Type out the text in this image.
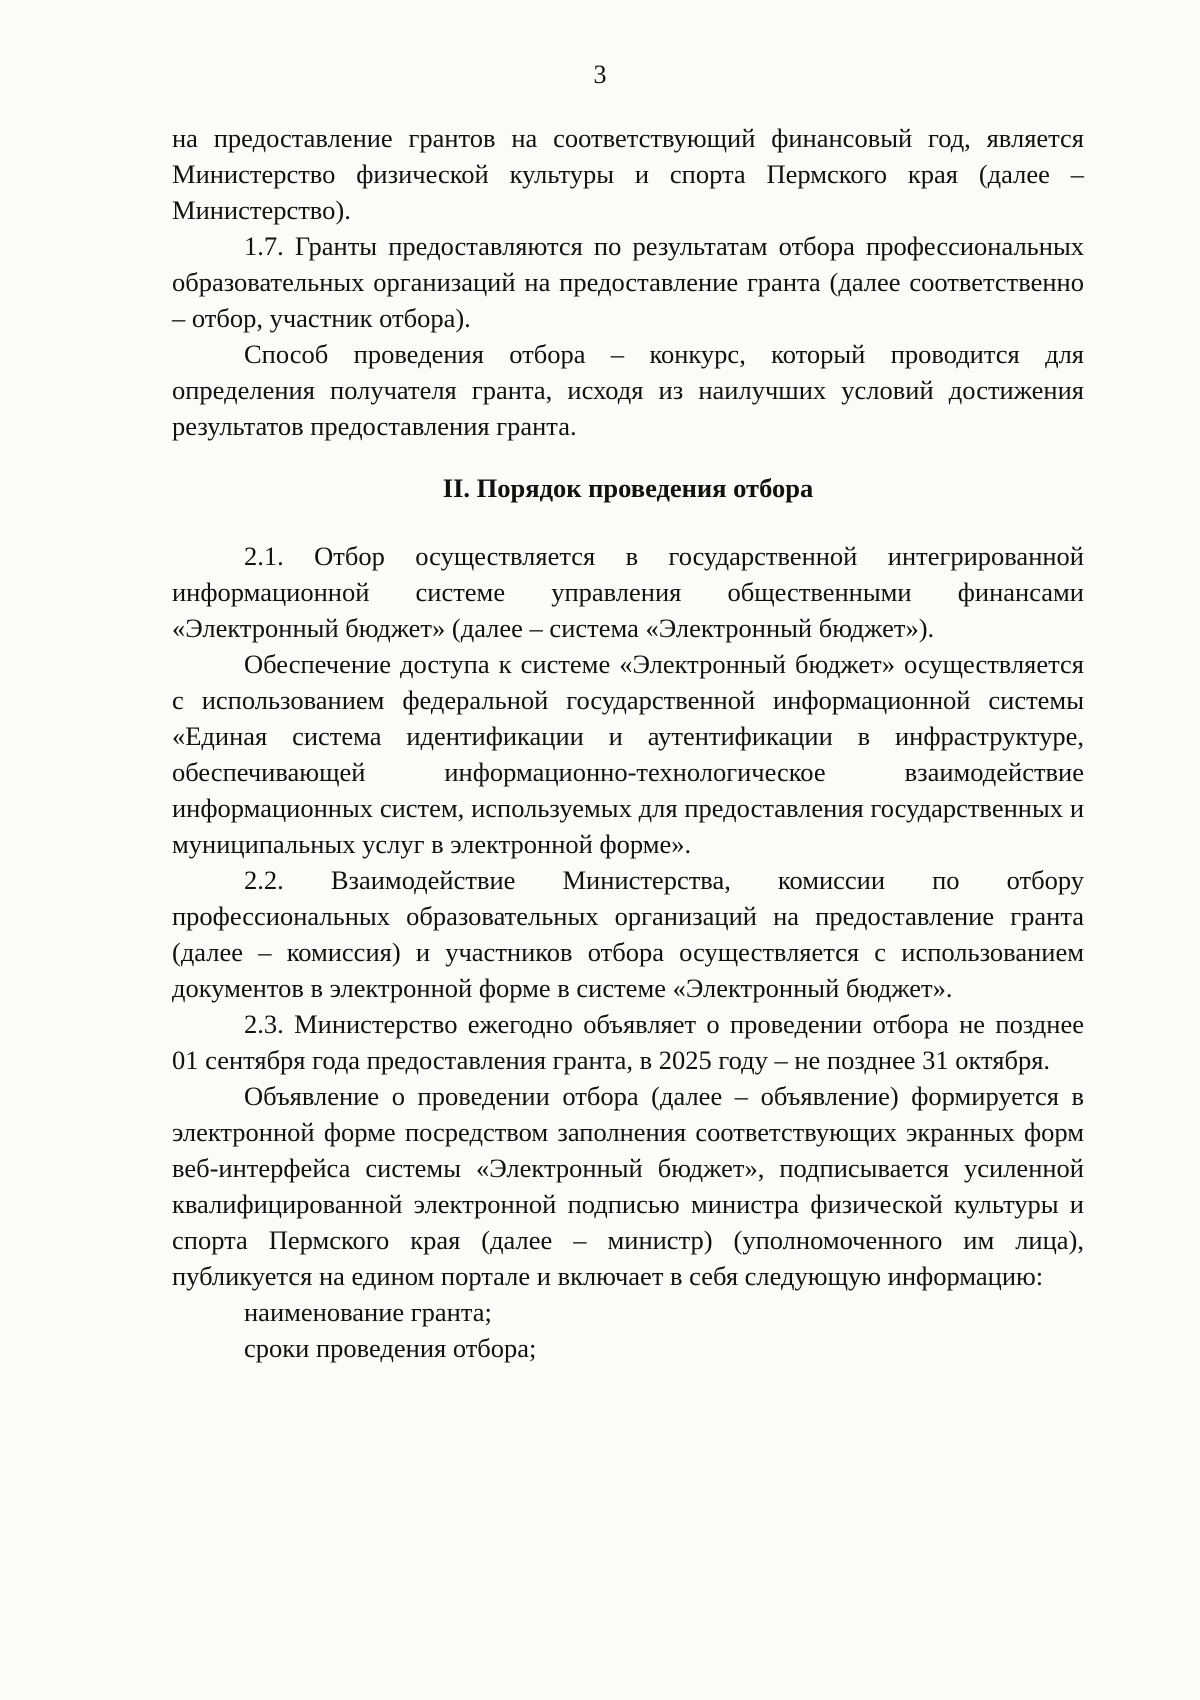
3

на предоставление грантов на соответствующий финансовый год, является Министерство физической культуры и спорта Пермского края (далее – Министерство).

1.7. Гранты предоставляются по результатам отбора профессиональных образовательных организаций на предоставление гранта (далее соответственно – отбор, участник отбора).

Способ проведения отбора – конкурс, который проводится для определения получателя гранта, исходя из наилучших условий достижения результатов предоставления гранта.

II. Порядок проведения отбора

2.1. Отбор осуществляется в государственной интегрированной информационной системе управления общественными финансами «Электронный бюджет» (далее – система «Электронный бюджет»).

Обеспечение доступа к системе «Электронный бюджет» осуществляется с использованием федеральной государственной информационной системы «Единая система идентификации и аутентификации в инфраструктуре, обеспечивающей информационно-технологическое взаимодействие информационных систем, используемых для предоставления государственных и муниципальных услуг в электронной форме».

2.2. Взаимодействие Министерства, комиссии по отбору профессиональных образовательных организаций на предоставление гранта (далее – комиссия) и участников отбора осуществляется с использованием документов в электронной форме в системе «Электронный бюджет».

2.3. Министерство ежегодно объявляет о проведении отбора не позднее 01 сентября года предоставления гранта, в 2025 году – не позднее 31 октября.

Объявление о проведении отбора (далее – объявление) формируется в электронной форме посредством заполнения соответствующих экранных форм веб-интерфейса системы «Электронный бюджет», подписывается усиленной квалифицированной электронной подписью министра физической культуры и спорта Пермского края (далее – министр) (уполномоченного им лица), публикуется на едином портале и включает в себя следующую информацию:

наименование гранта;

сроки проведения отбора;
